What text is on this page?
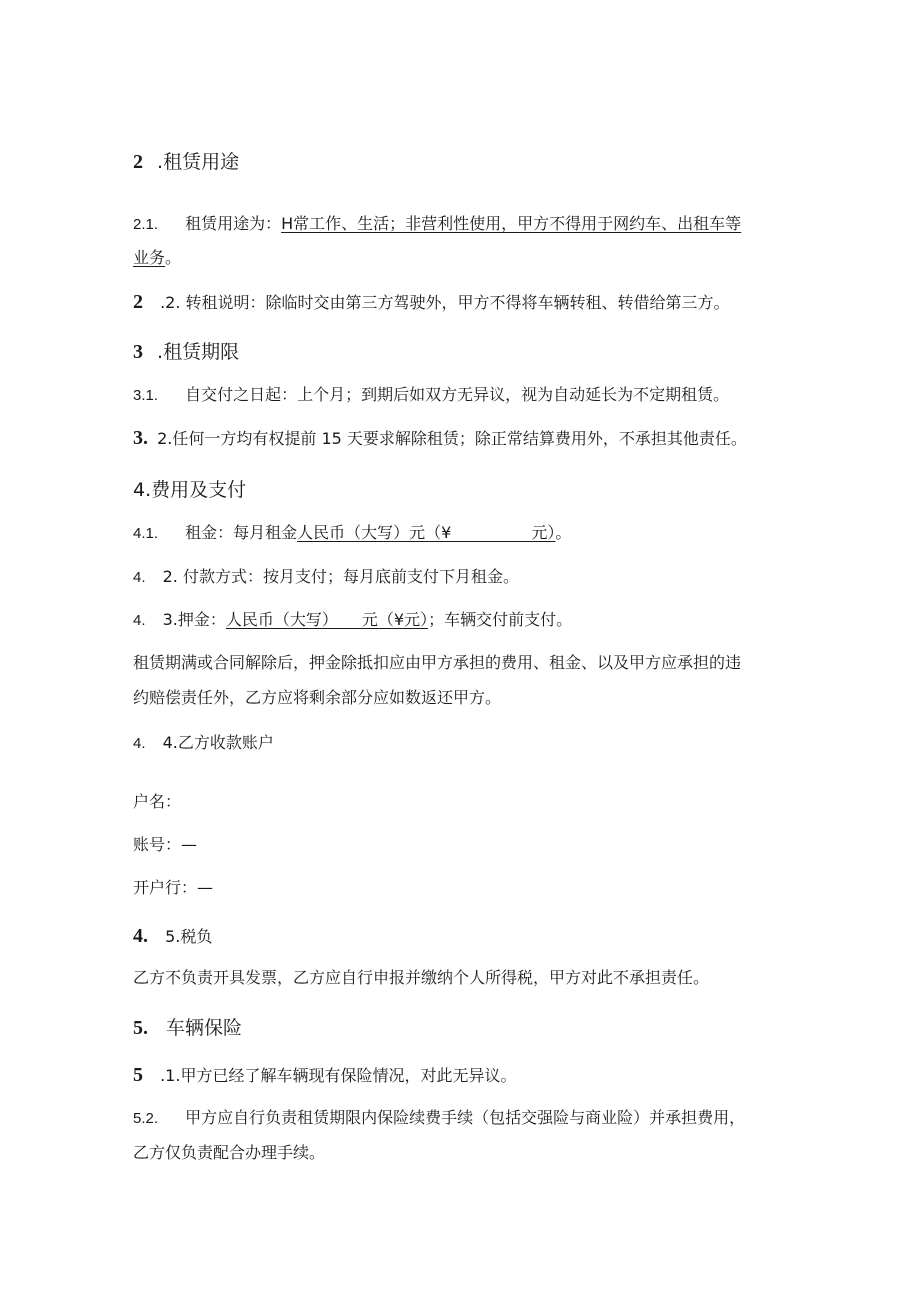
2 .租赁用途
2.1. 租赁用途为：H常工作、生活；非营利性使用，甲方不得用于网约车、出租车等
业务。
2 .2. 转租说明：除临时交由第三方驾驶外，甲方不得将车辆转租、转借给第三方。
3 .租赁期限
3.1. 自交付之日起：上个月；到期后如双方无异议，视为自动延长为不定期租赁。
3. 2.任何一方均有权提前 15 天要求解除租赁；除正常结算费用外，不承担其他责任。
4.费用及支付
4.1. 租金：每月租金人民币（大写）元（¥　　　　　元）。
4. 2. 付款方式：按月支付；每月底前支付下月租金。
4. 3.押金：人民币（大写）　　元（¥元）；车辆交付前支付。
租赁期满或合同解除后，押金除抵扣应由甲方承担的费用、租金、以及甲方应承担的违
约赔偿责任外，乙方应将剩余部分应如数返还甲方。
4. 4.乙方收款账户
户名：
账号：—
开户行：—
4. 5.税负
乙方不负责开具发票，乙方应自行申报并缴纳个人所得税，甲方对此不承担责任。
5. 车辆保险
5 .1.甲方已经了解车辆现有保险情况，对此无异议。
5.2. 甲方应自行负责租赁期限内保险续费手续（包括交强险与商业险）并承担费用，
乙方仅负责配合办理手续。
